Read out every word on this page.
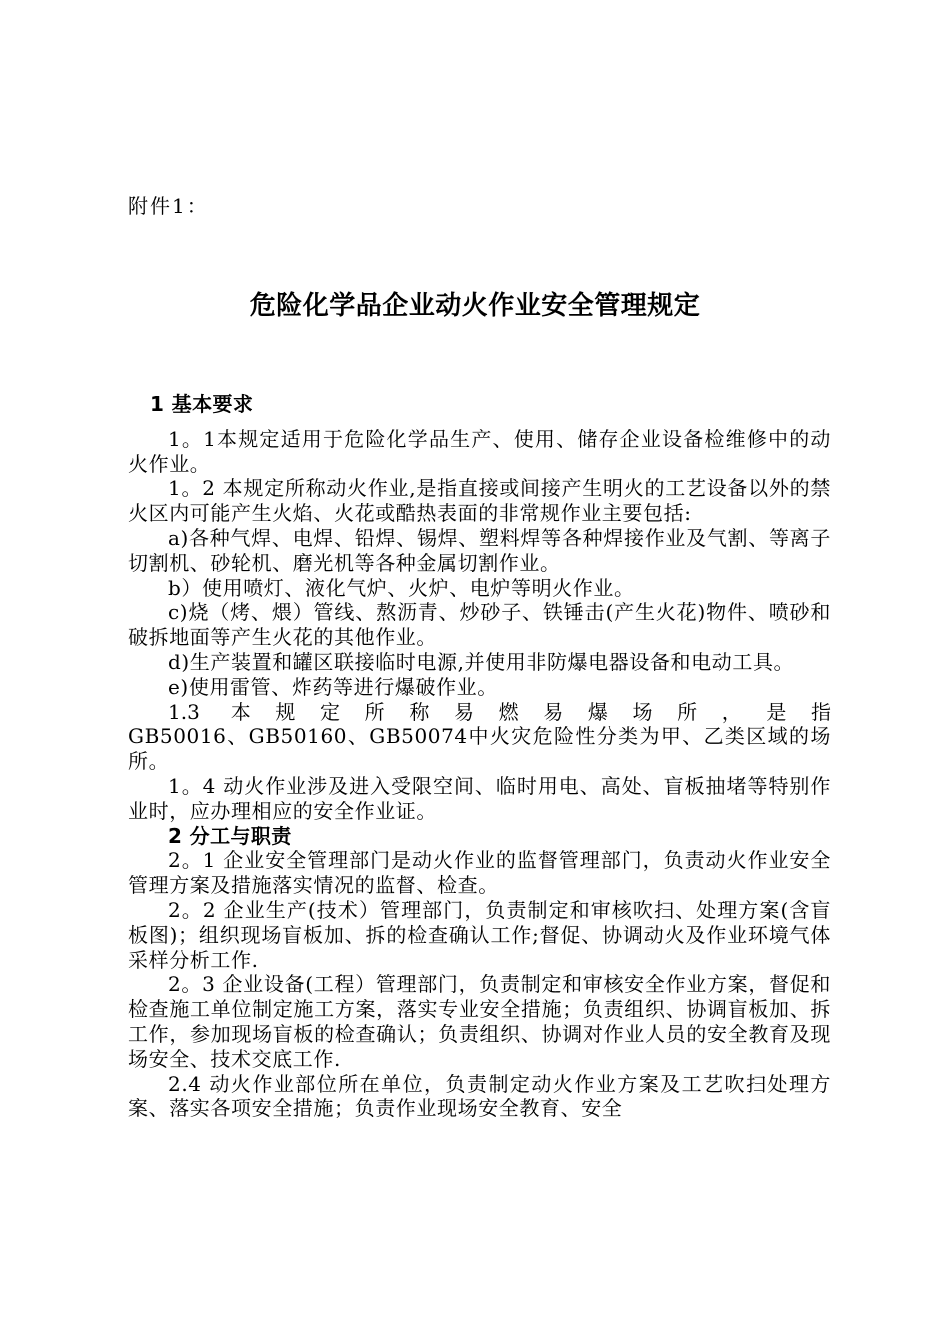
附件1：
危险化学品企业动火作业安全管理规定

1 基本要求

1。1本规定适用于危险化学品生产、使用、储存企业设备检维修中的动火作业。

1。2 本规定所称动火作业,是指直接或间接产生明火的工艺设备以外的禁火区内可能产生火焰、火花或酷热表面的非常规作业主要包括:

a)各种气焊、电焊、铅焊、锡焊、塑料焊等各种焊接作业及气割、等离子切割机、砂轮机、磨光机等各种金属切割作业。

b）使用喷灯、液化气炉、火炉、电炉等明火作业。

c)烧（烤、煨）管线、熬沥青、炒砂子、铁锤击(产生火花)物件、喷砂和破拆地面等产生火花的其他作业。

d)生产装置和罐区联接临时电源,并使用非防爆电器设备和电动工具。

e)使用雷管、炸药等进行爆破作业。

1.3 本规定所称易燃易爆场所，是指

GB50016、GB50160、GB50074中火灾危险性分类为甲、乙类区域的场所。

1。4 动火作业涉及进入受限空间、临时用电、高处、盲板抽堵等特别作业时，应办理相应的安全作业证。

2 分工与职责

2。1 企业安全管理部门是动火作业的监督管理部门，负责动火作业安全管理方案及措施落实情况的监督、检查。

2。2 企业生产(技术）管理部门，负责制定和审核吹扫、处理方案(含盲板图)；组织现场盲板加、拆的检查确认工作;督促、协调动火及作业环境气体采样分析工作.

2。3 企业设备(工程）管理部门，负责制定和审核安全作业方案，督促和检查施工单位制定施工方案，落实专业安全措施；负责组织、协调盲板加、拆工作，参加现场盲板的检查确认；负责组织、协调对作业人员的安全教育及现场安全、技术交底工作.

2.4 动火作业部位所在单位，负责制定动火作业方案及工艺吹扫处理方案、落实各项安全措施；负责作业现场安全教育、安全
